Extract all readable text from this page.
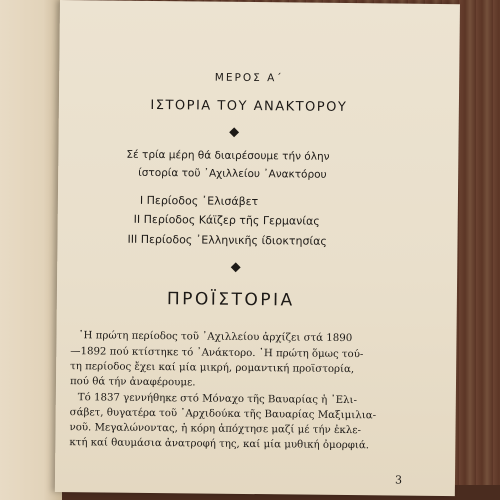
ΜΕΡΟΣ Α΄
ΙΣΤΟΡΙΑ ΤΟΥ ΑΝΑΚΤΟΡΟΥ
Σέ τρία μέρη θά διαιρέσουμε τήν όλην
ίστορία τοῦ ᾽Αχιλλείου ᾽Ανακτόρου
I Περίοδος ᾽Ελισάβετ
II Περίοδος Κάϊζερ τῆς Γερμανίας
III Περίοδος ᾽Ελληνικῆς ίδιοκτησίας
ΠΡΟΪΣΤΟΡΙΑ
῾Η πρώτη περίοδος τοῦ ᾽Αχιλλείου ἀρχίζει στά 1890
—1892 πού κτίστηκε τό ᾽Ανάκτορο. ῾Η πρώτη ὅμως τού-
τη περίοδος ἔχει καί μία μικρή, ρομαντική προϊστορία,
πού θά τήν ἀναφέρουμε.
Τό 1837 γεννήθηκε στό Μόναχο τῆς Βαυαρίας ἡ ᾽Ελι-
σάβετ, θυγατέρα τοῦ ᾽Αρχιδούκα τῆς Βαυαρίας Μαξιμιλια-
νοῦ. Μεγαλώνοντας, ἡ κόρη ἀπόχτησε μαζί μέ τήν ἐκλε-
κτή καί θαυμάσια ἀνατροφή της, καί μία μυθική ὀμορφιά.
3
